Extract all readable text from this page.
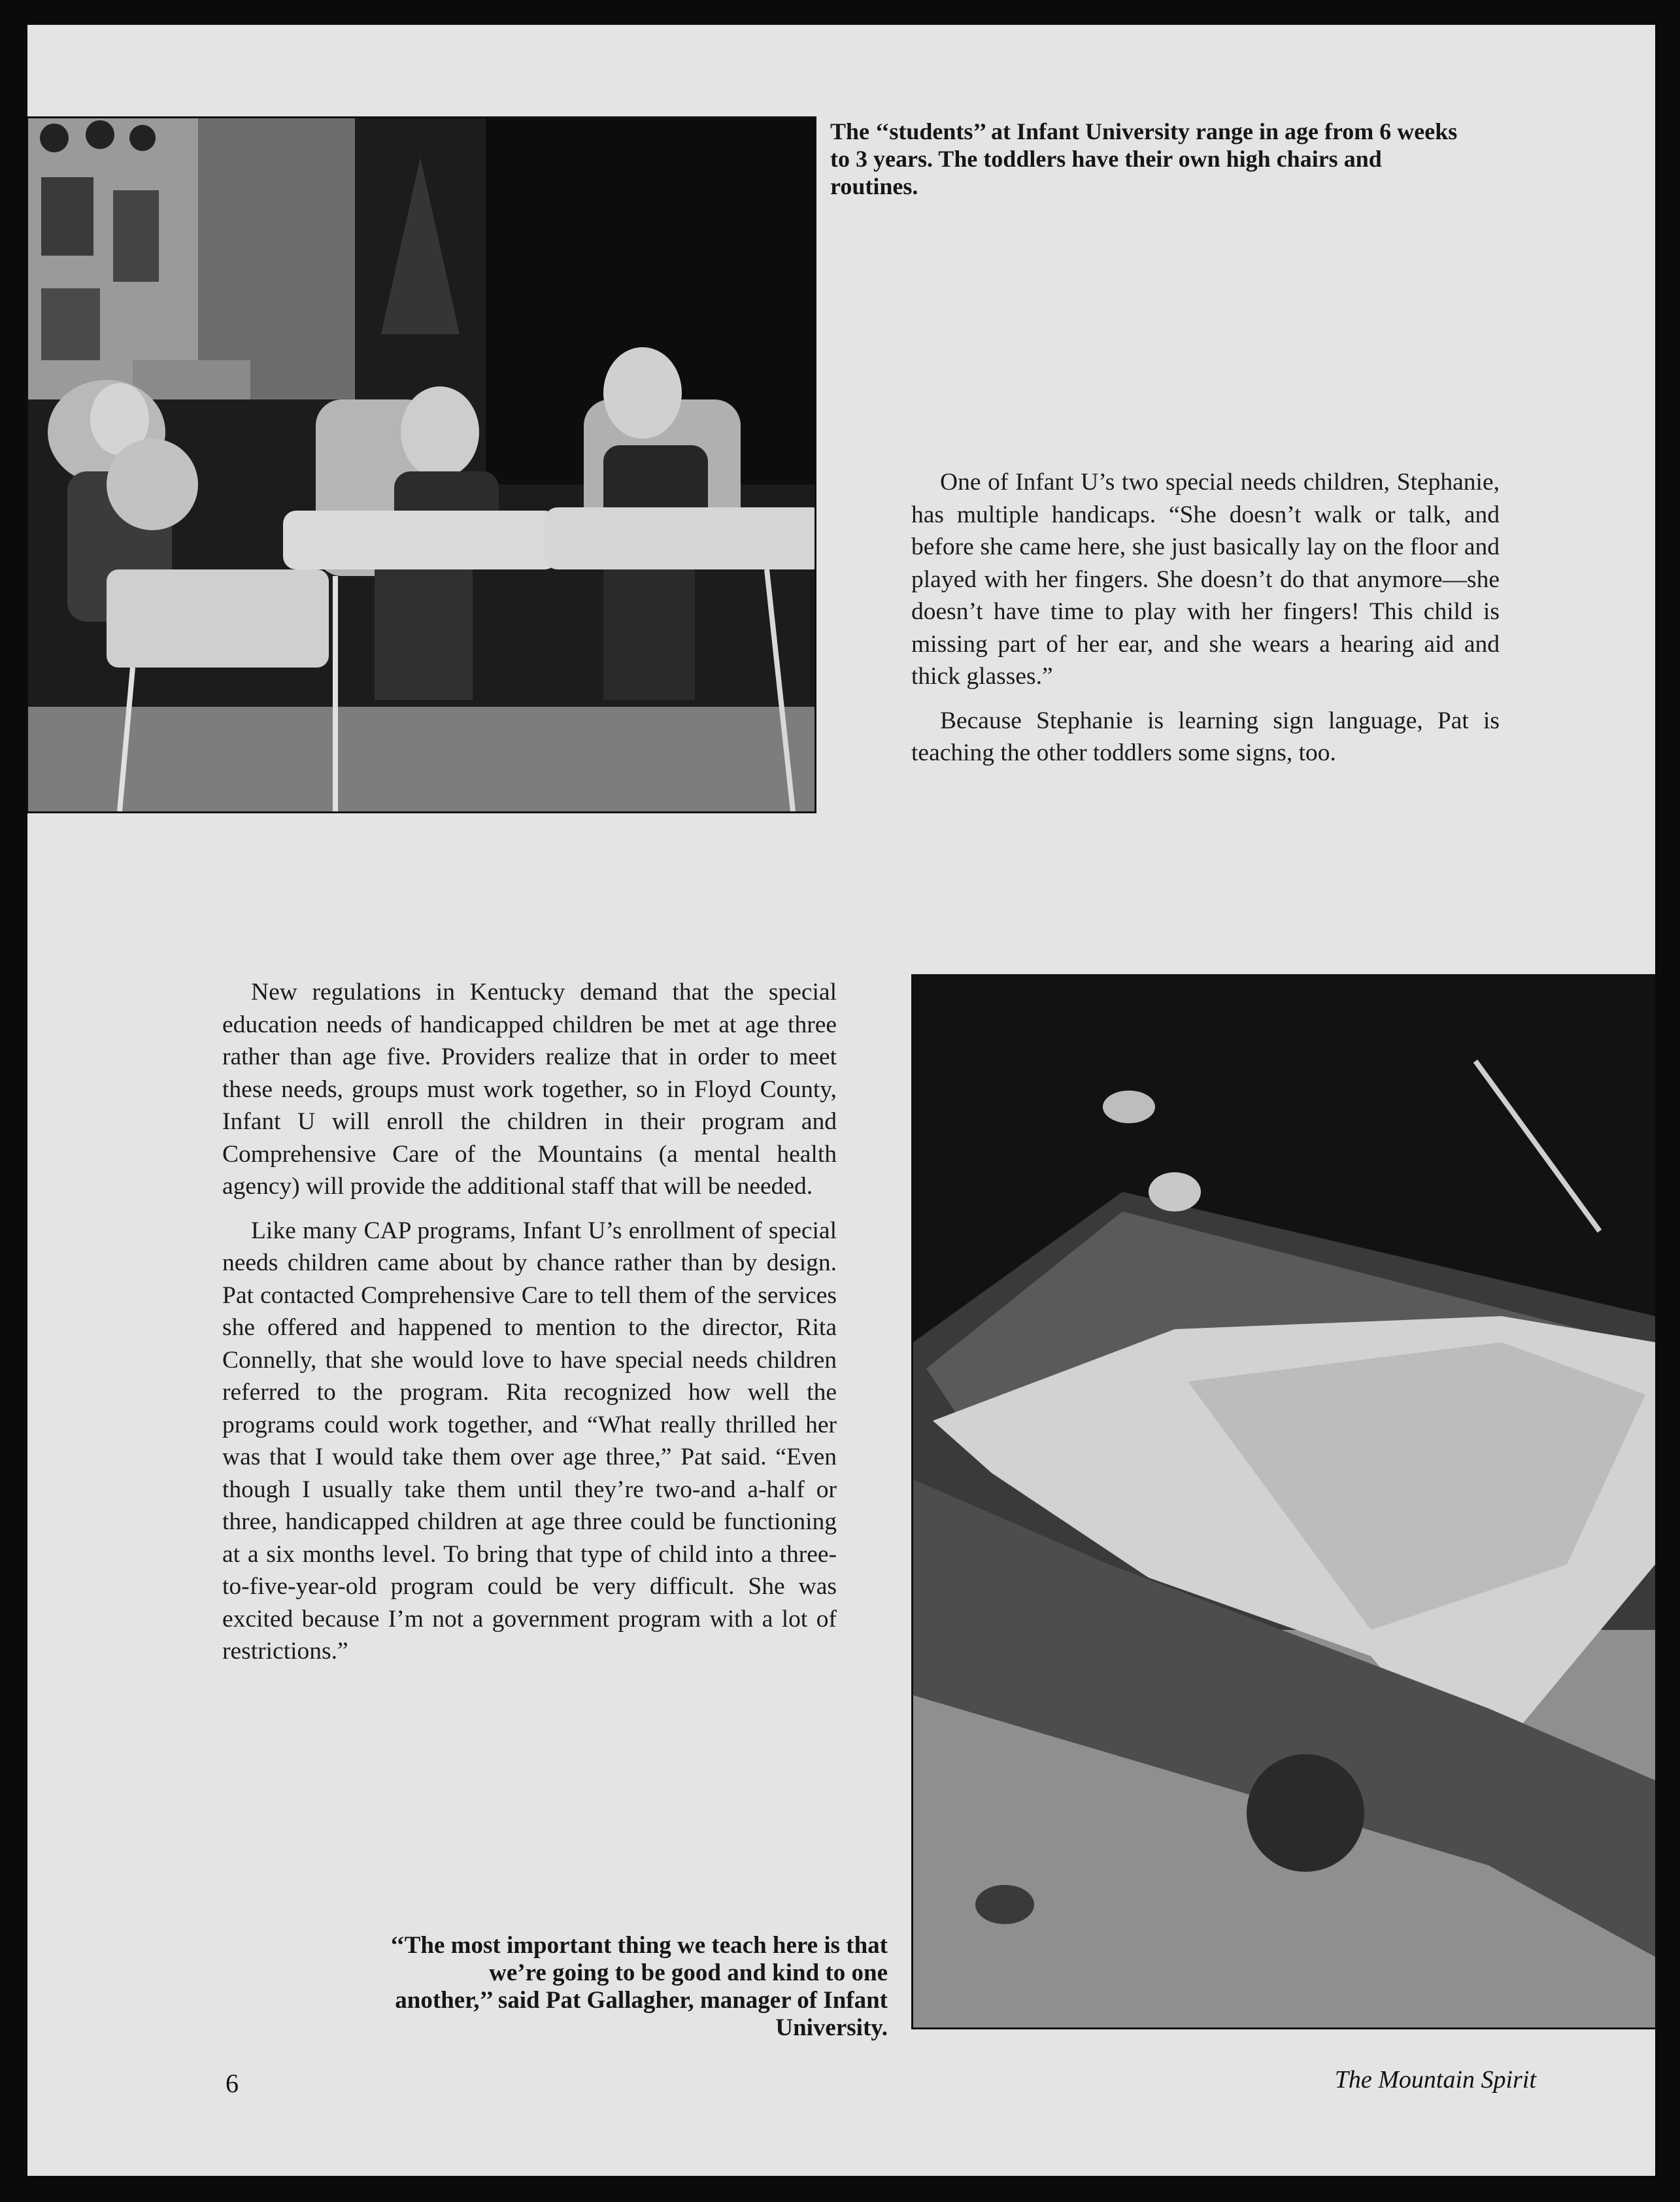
The ‘‘students’’ at Infant University range in age from 6 weeks to 3 years. The toddlers have their own high chairs and routines.

One of Infant U’s two special needs children, Stephanie, has multiple handicaps. “She doesn’t walk or talk, and before she came here, she just basically lay on the floor and played with her fingers. She doesn’t do that anymore—she doesn’t have time to play with her fingers! This child is missing part of her ear, and she wears a hearing aid and thick glasses.”

Because Stephanie is learning sign language, Pat is teaching the other toddlers some signs, too.

New regulations in Kentucky demand that the special education needs of handicapped children be met at age three rather than age five. Providers realize that in order to meet these needs, groups must work together, so in Floyd County, Infant U will enroll the children in their program and Comprehensive Care of the Mountains (a mental health agency) will provide the additional staff that will be needed.

Like many CAP programs, Infant U’s enrollment of special needs children came about by chance rather than by design. Pat contacted Comprehensive Care to tell them of the services she offered and happened to mention to the director, Rita Connelly, that she would love to have special needs children referred to the program. Rita recognized how well the programs could work together, and “What really thrilled her was that I would take them over age three,” Pat said. “Even though I usually take them until they’re two-and a-half or three, handicapped children at age three could be functioning at a six months level. To bring that type of child into a three-to-five-year-old program could be very difficult. She was excited because I’m not a government program with a lot of restrictions.”

‘‘The most important thing we teach here is that we’re going to be good and kind to one another,’’ said Pat Gallagher, manager of Infant University.

6	The Mountain Spirit
